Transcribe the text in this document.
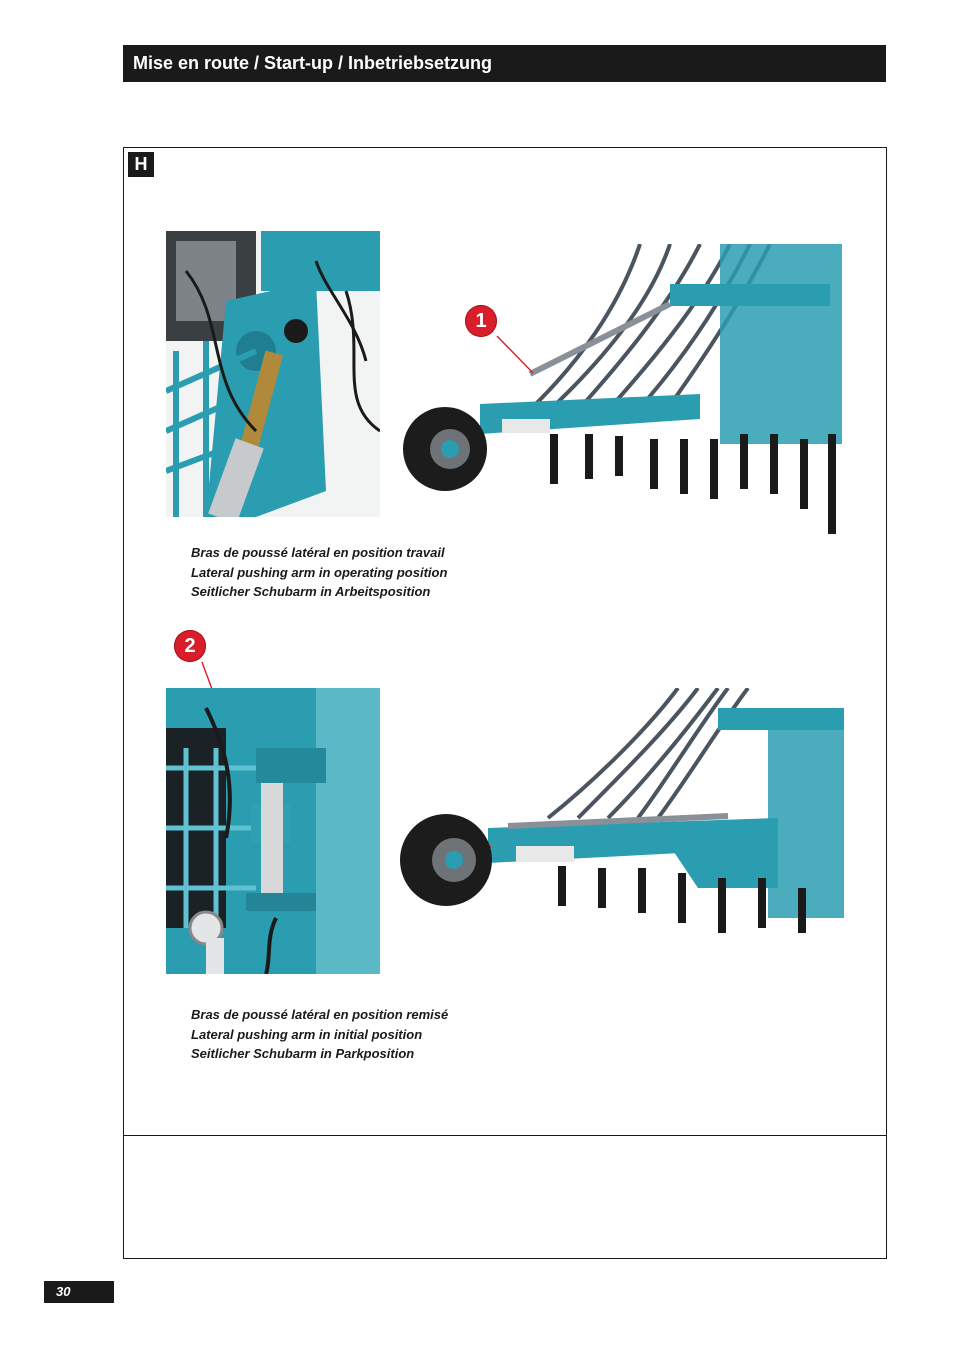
Mise en route / Start-up / Inbetriebsetzung
H
1
Bras de poussé latéral en position travail
Lateral pushing arm in operating position
Seitlicher Schubarm in Arbeitsposition
2
Bras de poussé latéral en position remisé
Lateral pushing arm in initial position
Seitlicher Schubarm in Parkposition
30
